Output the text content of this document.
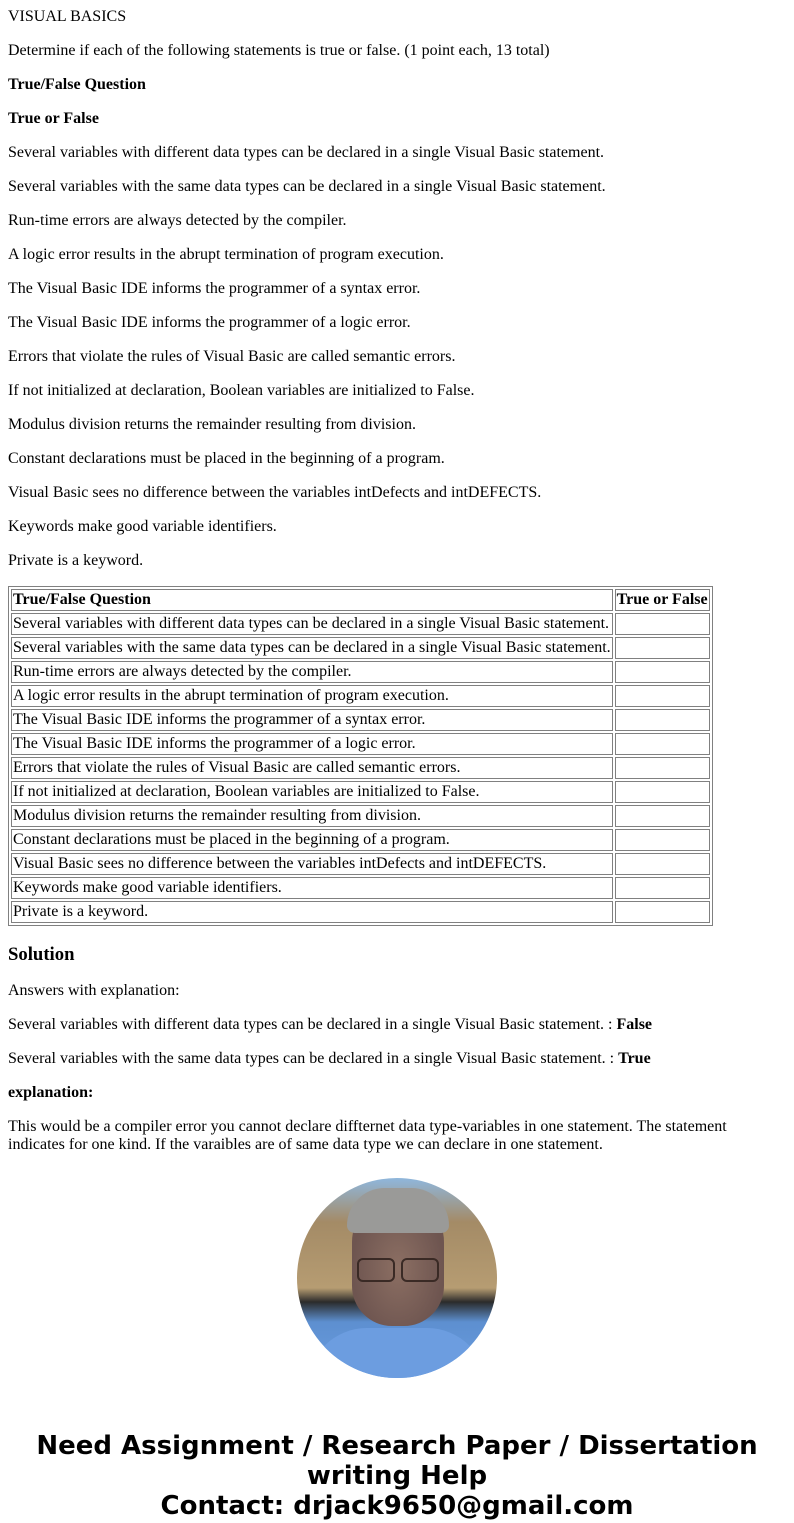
VISUAL BASICS

Determine if each of the following statements is true or false. (1 point each, 13 total)

True/False Question

True or False

Several variables with different data types can be declared in a single Visual Basic statement.

Several variables with the same data types can be declared in a single Visual Basic statement.

Run-time errors are always detected by the compiler.

A logic error results in the abrupt termination of program execution.

The Visual Basic IDE informs the programmer of a syntax error.

The Visual Basic IDE informs the programmer of a logic error.

Errors that violate the rules of Visual Basic are called semantic errors.

If not initialized at declaration, Boolean variables are initialized to False.

Modulus division returns the remainder resulting from division.

Constant declarations must be placed in the beginning of a program.

Visual Basic sees no difference between the variables intDefects and intDEFECTS.

Keywords make good variable identifiers.

Private is a keyword.

True/False Question	True or False
Several variables with different data types can be declared in a single Visual Basic statement.	
Several variables with the same data types can be declared in a single Visual Basic statement.	
Run-time errors are always detected by the compiler.	
A logic error results in the abrupt termination of program execution.	
The Visual Basic IDE informs the programmer of a syntax error.	
The Visual Basic IDE informs the programmer of a logic error.	
Errors that violate the rules of Visual Basic are called semantic errors.	
If not initialized at declaration, Boolean variables are initialized to False.	
Modulus division returns the remainder resulting from division.	
Constant declarations must be placed in the beginning of a program.	
Visual Basic sees no difference between the variables intDefects and intDEFECTS.	
Keywords make good variable identifiers.	
Private is a keyword.	
Solution

Answers with explanation:

Several variables with different data types can be declared in a single Visual Basic statement. : False

Several variables with the same data types can be declared in a single Visual Basic statement. : True

explanation:

This would be a compiler error you cannot declare diffternet data type-variables in one statement. The statement indicates for one kind. If the varaibles are of same data type we can declare in one statement.

Need Assignment / Research Paper / Dissertation writing Help
Contact: drjack9650@gmail.com
